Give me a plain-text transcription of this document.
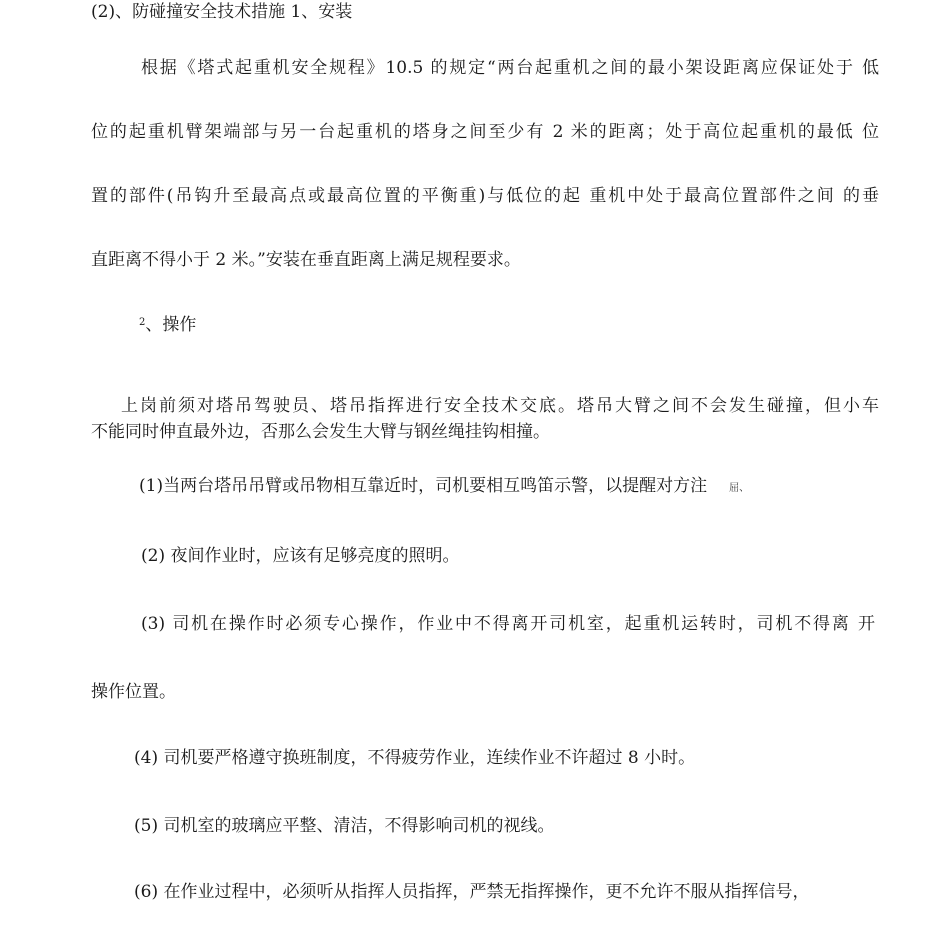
(2)、防碰撞安全技术措施 1、安装
根据《塔式起重机安全规程》10.5 的规定“两台起重机之间的最小架设距离应保证处于 低
位的起重机臂架端部与另一台起重机的塔身之间至少有 2 米的距离；处于高位起重机的最低 位
置的部件(吊钩升至最高点或最高位置的平衡重)与低位的起 重机中处于最高位置部件之间 的垂
直距离不得小于 2 米。”安装在垂直距离上满足规程要求。
$^2$、操作
上岗前须对塔吊驾驶员、塔吊指挥进行安全技术交底。塔吊大臂之间不会发生碰撞，但小车
不能同时伸直最外边，否那么会发生大臂与钢丝绳挂钩相撞。
(1)当两台塔吊吊臂或吊物相互靠近时，司机要相互鸣笛示警，以提醒对方注 屈、
(2) 夜间作业时，应该有足够亮度的照明。
(3) 司机在操作时必须专心操作，作业中不得离开司机室，起重机运转时，司机不得离 开
操作位置。
(4) 司机要严格遵守换班制度，不得疲劳作业，连续作业不许超过 8 小时。
(5) 司机室的玻璃应平整、清洁，不得影响司机的视线。
(6) 在作业过程中，必须听从指挥人员指挥，严禁无指挥操作，更不允许不服从指挥信号，
